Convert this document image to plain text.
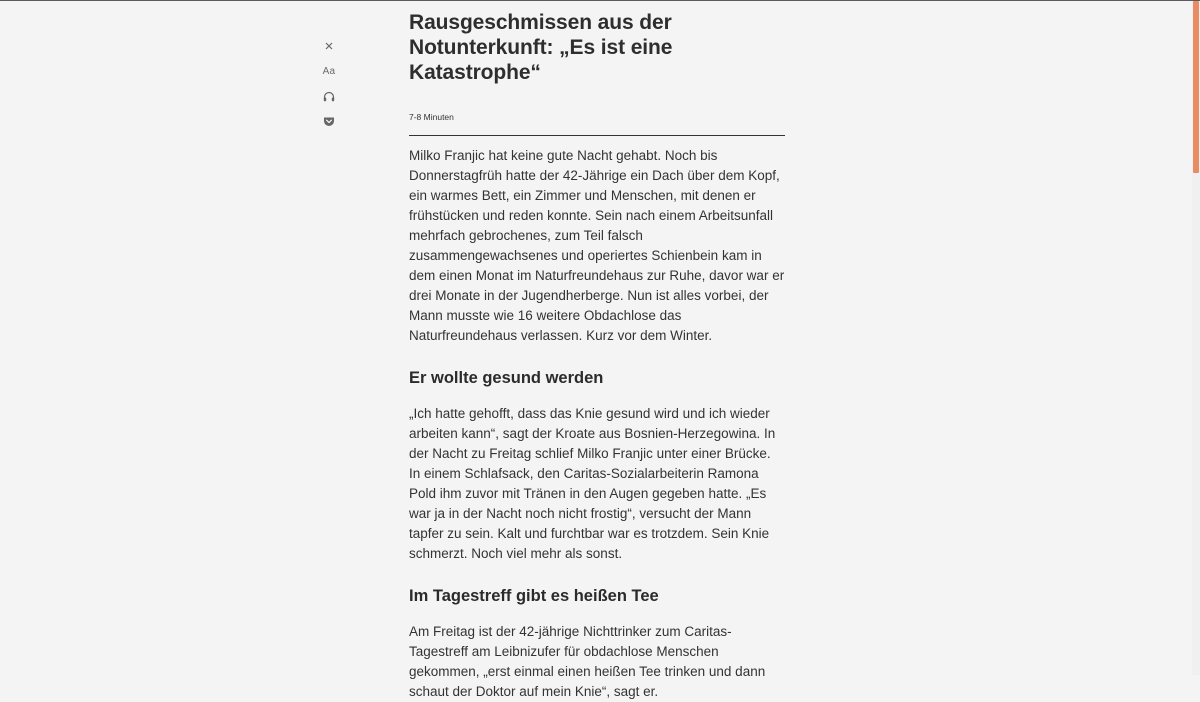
Aa
Rausgeschmissen aus der Notunterkunft: „Es ist eine Katastrophe“
7-8 Minuten

Milko Franjic hat keine gute Nacht gehabt. Noch bis Donnerstagfrüh hatte der 42-Jährige ein Dach über dem Kopf, ein warmes Bett, ein Zimmer und Menschen, mit denen er frühstücken und reden konnte. Sein nach einem Arbeitsunfall mehrfach gebrochenes, zum Teil falsch zusammengewachsenes und operiertes Schienbein kam in dem einen Monat im Naturfreundehaus zur Ruhe, davor war er drei Monate in der Jugendherberge. Nun ist alles vorbei, der Mann musste wie 16 weitere Obdachlose das Naturfreundehaus verlassen. Kurz vor dem Winter.

Er wollte gesund werden

„Ich hatte gehofft, dass das Knie gesund wird und ich wieder arbeiten kann“, sagt der Kroate aus Bosnien-Herzegowina. In der Nacht zu Freitag schlief Milko Franjic unter einer Brücke. In einem Schlafsack, den Caritas-Sozialarbeiterin Ramona Pold ihm zuvor mit Tränen in den Augen gegeben hatte. „Es war ja in der Nacht noch nicht frostig“, versucht der Mann tapfer zu sein. Kalt und furchtbar war es trotzdem. Sein Knie schmerzt. Noch viel mehr als sonst.

Im Tagestreff gibt es heißen Tee

Am Freitag ist der 42-jährige Nichttrinker zum Caritas-Tagestreff am Leibnizufer für obdachlose Menschen gekommen, „erst einmal einen heißen Tee trinken und dann schaut der Doktor auf mein Knie“, sagt er.
